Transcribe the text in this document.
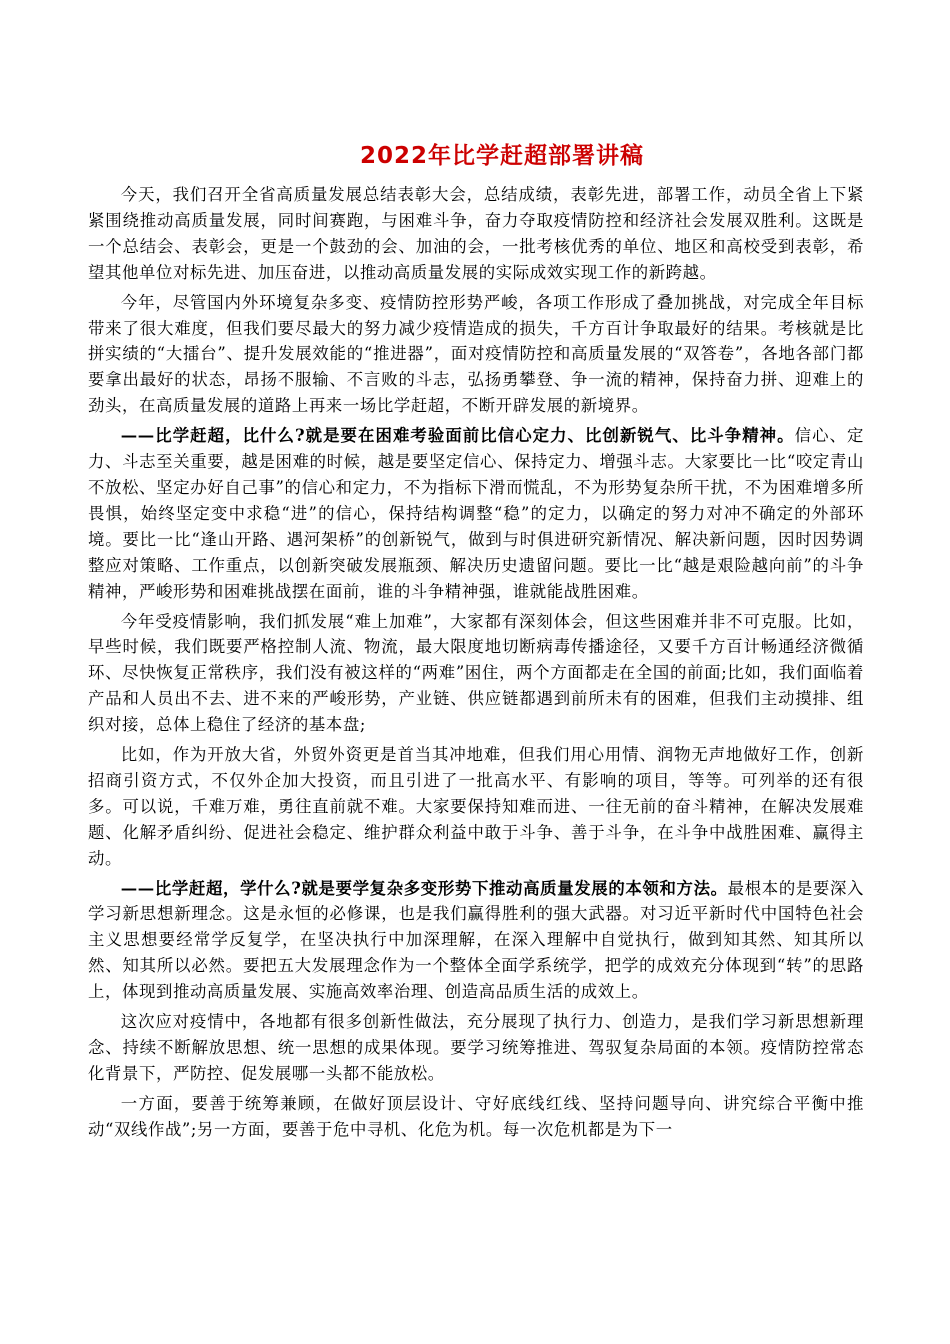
2022年比学赶超部署讲稿

今天，我们召开全省高质量发展总结表彰大会，总结成绩，表彰先进，部署工作，动员全省上下紧紧围绕推动高质量发展，同时间赛跑，与困难斗争，奋力夺取疫情防控和经济社会发展双胜利。这既是一个总结会、表彰会，更是一个鼓劲的会、加油的会，一批考核优秀的单位、地区和高校受到表彰，希望其他单位对标先进、加压奋进，以推动高质量发展的实际成效实现工作的新跨越。

今年，尽管国内外环境复杂多变、疫情防控形势严峻，各项工作形成了叠加挑战，对完成全年目标带来了很大难度，但我们要尽最大的努力减少疫情造成的损失，千方百计争取最好的结果。考核就是比拼实绩的“大擂台”、提升发展效能的“推进器”，面对疫情防控和高质量发展的“双答卷”，各地各部门都要拿出最好的状态，昂扬不服输、不言败的斗志，弘扬勇攀登、争一流的精神，保持奋力拼、迎难上的劲头，在高质量发展的道路上再来一场比学赶超，不断开辟发展的新境界。

——比学赶超，比什么?就是要在困难考验面前比信心定力、比创新锐气、比斗争精神。信心、定力、斗志至关重要，越是困难的时候，越是要坚定信心、保持定力、增强斗志。大家要比一比“咬定青山不放松、坚定办好自己事”的信心和定力，不为指标下滑而慌乱，不为形势复杂所干扰，不为困难增多所畏惧，始终坚定变中求稳“进”的信心，保持结构调整“稳”的定力，以确定的努力对冲不确定的外部环境。要比一比“逢山开路、遇河架桥”的创新锐气，做到与时俱进研究新情况、解决新问题，因时因势调整应对策略、工作重点，以创新突破发展瓶颈、解决历史遗留问题。要比一比“越是艰险越向前”的斗争精神，严峻形势和困难挑战摆在面前，谁的斗争精神强，谁就能战胜困难。

今年受疫情影响，我们抓发展“难上加难”，大家都有深刻体会，但这些困难并非不可克服。比如，早些时候，我们既要严格控制人流、物流，最大限度地切断病毒传播途径，又要千方百计畅通经济微循环、尽快恢复正常秩序，我们没有被这样的“两难”困住，两个方面都走在全国的前面;比如，我们面临着产品和人员出不去、进不来的严峻形势，产业链、供应链都遇到前所未有的困难，但我们主动摸排、组织对接，总体上稳住了经济的基本盘;

比如，作为开放大省，外贸外资更是首当其冲地难，但我们用心用情、润物无声地做好工作，创新招商引资方式，不仅外企加大投资，而且引进了一批高水平、有影响的项目，等等。可列举的还有很多。可以说，千难万难，勇往直前就不难。大家要保持知难而进、一往无前的奋斗精神，在解决发展难题、化解矛盾纠纷、促进社会稳定、维护群众利益中敢于斗争、善于斗争，在斗争中战胜困难、赢得主动。

——比学赶超，学什么?就是要学复杂多变形势下推动高质量发展的本领和方法。最根本的是要深入学习新思想新理念。这是永恒的必修课，也是我们赢得胜利的强大武器。对习近平新时代中国特色社会主义思想要经常学反复学，在坚决执行中加深理解，在深入理解中自觉执行，做到知其然、知其所以然、知其所以必然。要把五大发展理念作为一个整体全面学系统学，把学的成效充分体现到“转”的思路上，体现到推动高质量发展、实施高效率治理、创造高品质生活的成效上。

这次应对疫情中，各地都有很多创新性做法，充分展现了执行力、创造力，是我们学习新思想新理念、持续不断解放思想、统一思想的成果体现。要学习统筹推进、驾驭复杂局面的本领。疫情防控常态化背景下，严防控、促发展哪一头都不能放松。

一方面，要善于统筹兼顾，在做好顶层设计、守好底线红线、坚持问题导向、讲究综合平衡中推动“双线作战”;另一方面，要善于危中寻机、化危为机。每一次危机都是为下一
